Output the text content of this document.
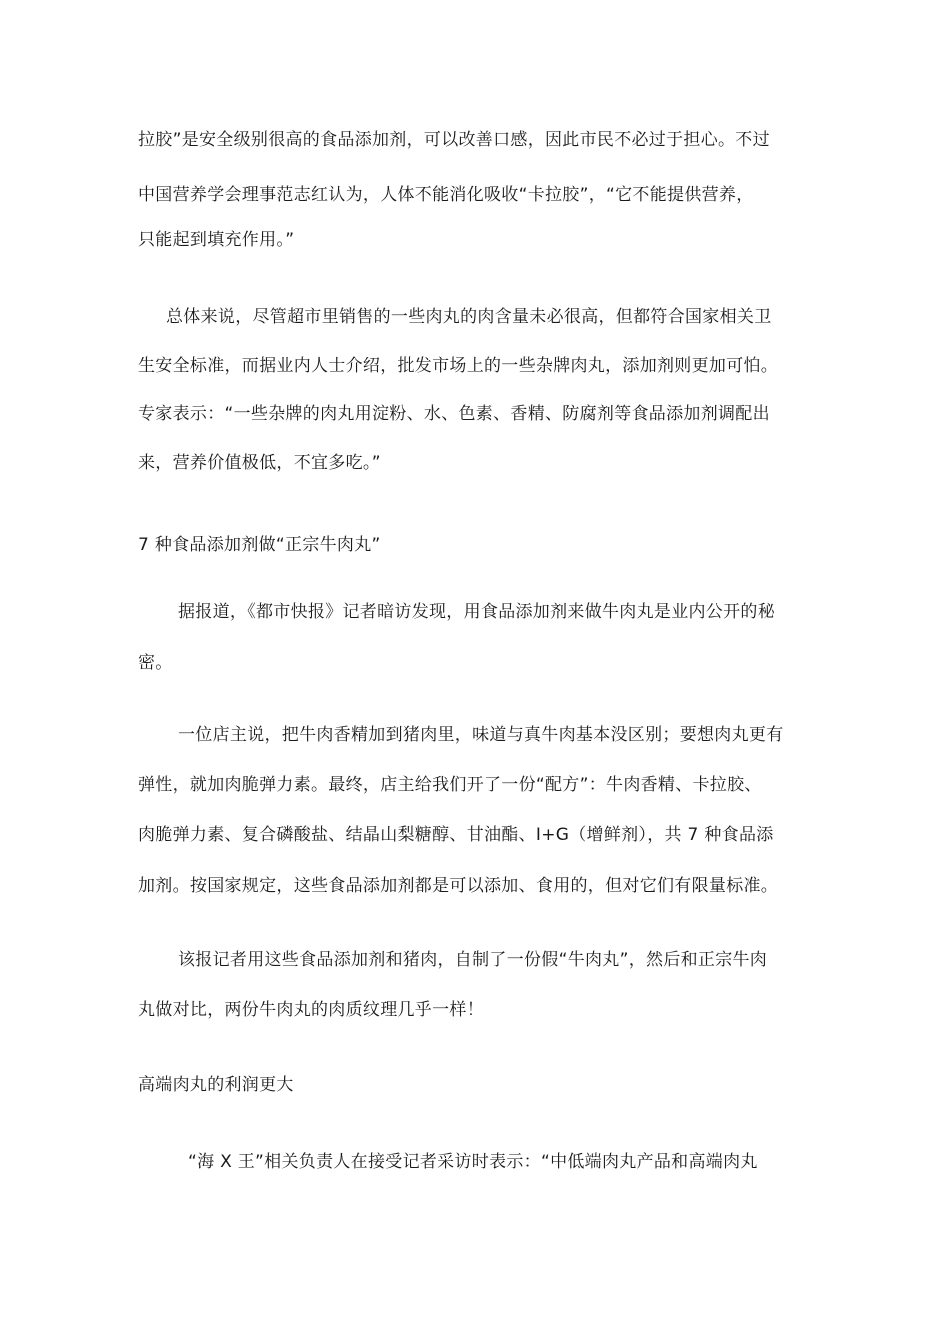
拉胶”是安全级别很高的食品添加剂，可以改善口感，因此市民不必过于担心。不过
中国营养学会理事范志红认为，人体不能消化吸收“卡拉胶”，“它不能提供营养，
只能起到填充作用。”
总体来说，尽管超市里销售的一些肉丸的肉含量未必很高，但都符合国家相关卫
生安全标准，而据业内人士介绍，批发市场上的一些杂牌肉丸，添加剂则更加可怕。
专家表示：“一些杂牌的肉丸用淀粉、水、色素、香精、防腐剂等食品添加剂调配出
来，营养价值极低，不宜多吃。”
7 种食品添加剂做“正宗牛肉丸”
据报道，《都市快报》记者暗访发现，用食品添加剂来做牛肉丸是业内公开的秘
密。
一位店主说，把牛肉香精加到猪肉里，味道与真牛肉基本没区别；要想肉丸更有
弹性，就加肉脆弹力素。最终，店主给我们开了一份“配方”：牛肉香精、卡拉胶、
肉脆弹力素、复合磷酸盐、结晶山梨糖醇、甘油酯、I+G（增鲜剂），共 7 种食品添
加剂。按国家规定，这些食品添加剂都是可以添加、食用的，但对它们有限量标准。
该报记者用这些食品添加剂和猪肉，自制了一份假“牛肉丸”，然后和正宗牛肉
丸做对比，两份牛肉丸的肉质纹理几乎一样！
高端肉丸的利润更大
“海 X 王”相关负责人在接受记者采访时表示：“中低端肉丸产品和高端肉丸
